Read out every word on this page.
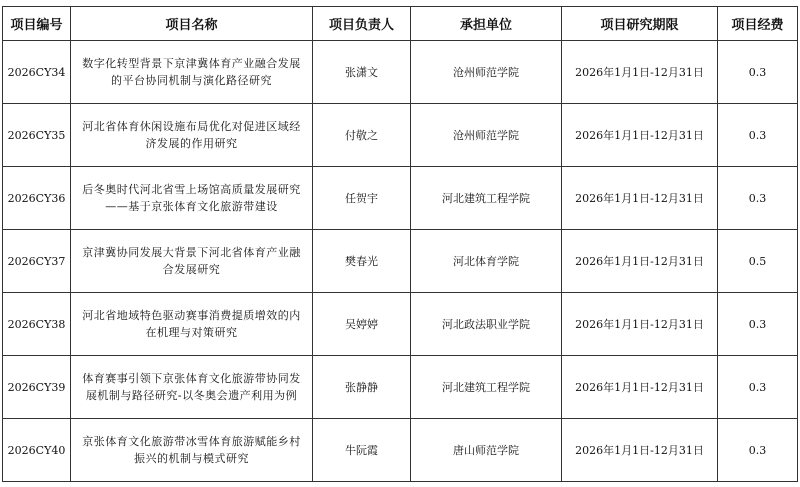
项目编号	项目名称	项目负责人	承担单位	项目研究期限	项目经费
2026CY34	数字化转型背景下京津冀体育产业融合发展的平台协同机制与演化路径研究	张潇文	沧州师范学院	2026年1月1日-12月31日	0.3
2026CY35	河北省体育休闲设施布局优化对促进区域经济发展的作用研究	付敬之	沧州师范学院	2026年1月1日-12月31日	0.3
2026CY36	后冬奥时代河北省雪上场馆高质量发展研究——基于京张体育文化旅游带建设	任贺宇	河北建筑工程学院	2026年1月1日-12月31日	0.3
2026CY37	京津冀协同发展大背景下河北省体育产业融合发展研究	樊春光	河北体育学院	2026年1月1日-12月31日	0.5
2026CY38	河北省地域特色驱动赛事消费提质增效的内在机理与对策研究	吴婷婷	河北政法职业学院	2026年1月1日-12月31日	0.3
2026CY39	体育赛事引领下京张体育文化旅游带协同发展机制与路径研究-以冬奥会遗产利用为例	张静静	河北建筑工程学院	2026年1月1日-12月31日	0.3
2026CY40	京张体育文化旅游带冰雪体育旅游赋能乡村振兴的机制与模式研究	牛阮霞	唐山师范学院	2026年1月1日-12月31日	0.3
